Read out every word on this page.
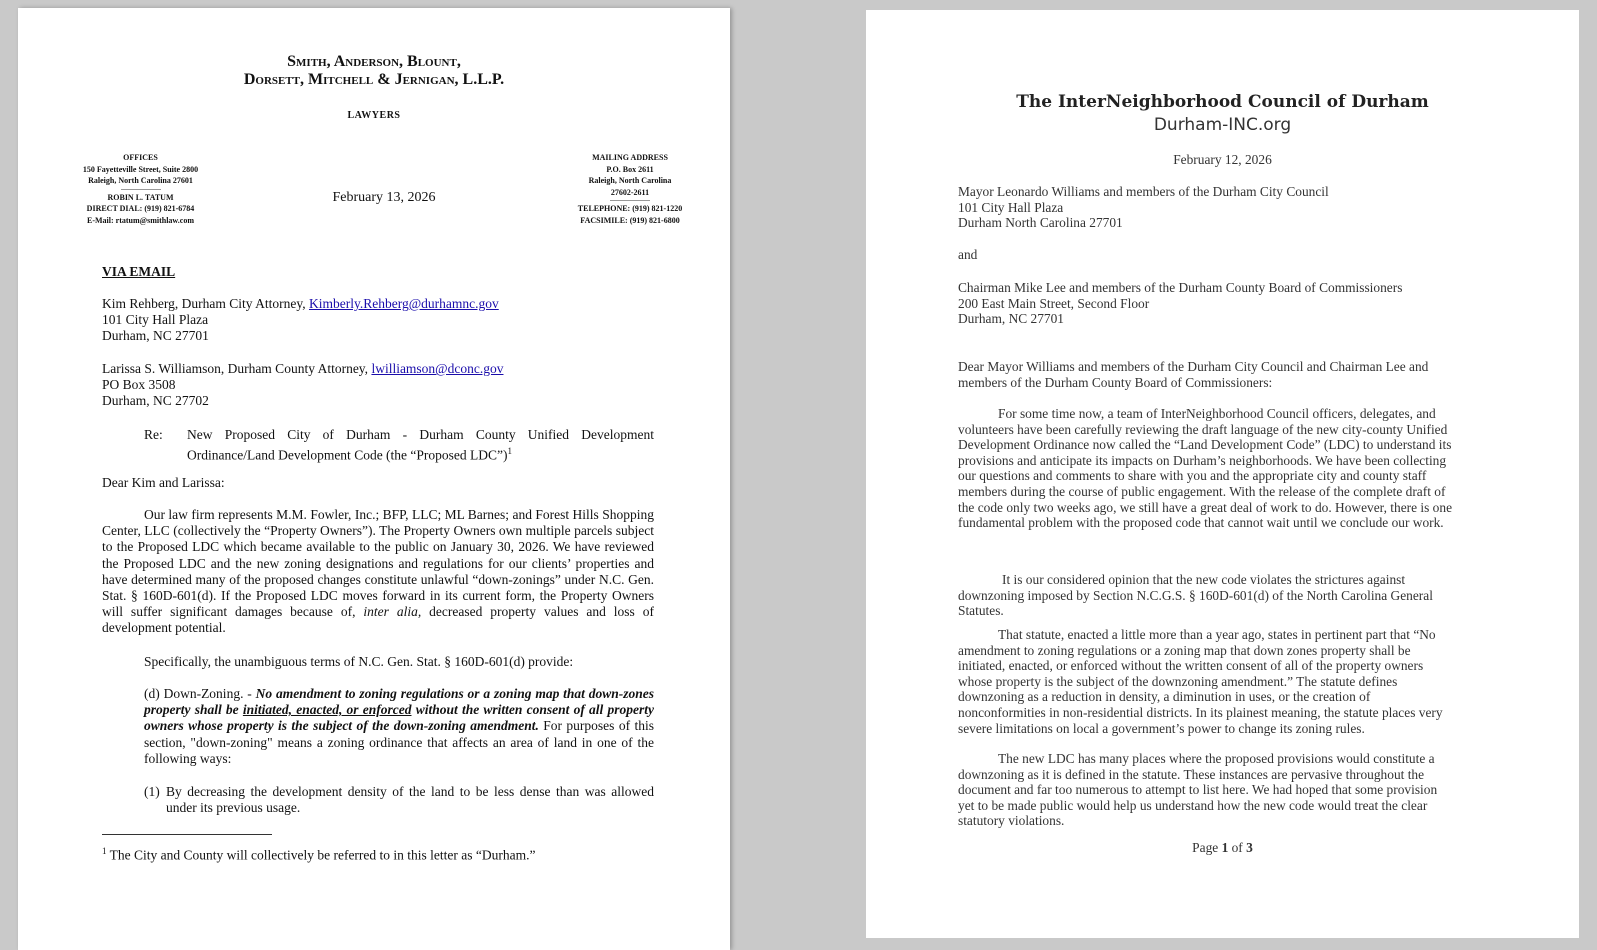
Smith, Anderson, Blount,
Dorsett, Mitchell & Jernigan, L.L.P.
LAWYERS
OFFICES
150 Fayetteville Street, Suite 2800
Raleigh, North Carolina 27601
ROBIN L. TATUM
DIRECT DIAL: (919) 821-6784
E-Mail: rtatum@smithlaw.com
February 13, 2026
MAILING ADDRESS
P.O. Box 2611
Raleigh, North Carolina
27602-2611
TELEPHONE: (919) 821-1220
FACSIMILE: (919) 821-6800
VIA EMAIL
Kim Rehberg, Durham City Attorney, Kimberly.Rehberg@durhamnc.gov
101 City Hall Plaza
Durham, NC 27701
Larissa S. Williamson, Durham County Attorney, lwilliamson@dconc.gov
PO Box 3508
Durham, NC 27702
Re: New Proposed City of Durham - Durham County Unified Development Ordinance/Land Development Code (the “Proposed LDC”)$^1$
Dear Kim and Larissa:
Our law firm represents M.M. Fowler, Inc.; BFP, LLC; ML Barnes; and Forest Hills Shopping Center, LLC (collectively the “Property Owners”). The Property Owners own multiple parcels subject to the Proposed LDC which became available to the public on January 30, 2026. We have reviewed the Proposed LDC and the new zoning designations and regulations for our clients’ properties and have determined many of the proposed changes constitute unlawful “down-zonings” under N.C. Gen. Stat. § 160D-601(d). If the Proposed LDC moves forward in its current form, the Property Owners will suffer significant damages because of, inter alia, decreased property values and loss of development potential.
Specifically, the unambiguous terms of N.C. Gen. Stat. § 160D-601(d) provide:
(d) Down-Zoning. - No amendment to zoning regulations or a zoning map that down-zones property shall be initiated, enacted, or enforced without the written consent of all property owners whose property is the subject of the down-zoning amendment. For purposes of this section, "down-zoning" means a zoning ordinance that affects an area of land in one of the following ways:
(1) By decreasing the development density of the land to be less dense than was allowed under its previous usage.
$^1$ The City and County will collectively be referred to in this letter as “Durham.”
The InterNeighborhood Council of Durham
Durham-INC.org
February 12, 2026
Mayor Leonardo Williams and members of the Durham City Council
101 City Hall Plaza
Durham North Carolina 27701
and
Chairman Mike Lee and members of the Durham County Board of Commissioners
200 East Main Street, Second Floor
Durham, NC 27701
Dear Mayor Williams and members of the Durham City Council and Chairman Lee and members of the Durham County Board of Commissioners:
For some time now, a team of InterNeighborhood Council officers, delegates, and volunteers have been carefully reviewing the draft language of the new city-county Unified Development Ordinance now called the “Land Development Code” (LDC) to understand its provisions and anticipate its impacts on Durham’s neighborhoods. We have been collecting our questions and comments to share with you and the appropriate city and county staff members during the course of public engagement. With the release of the complete draft of the code only two weeks ago, we still have a great deal of work to do. However, there is one fundamental problem with the proposed code that cannot wait until we conclude our work.
It is our considered opinion that the new code violates the strictures against downzoning imposed by Section N.C.G.S. § 160D-601(d) of the North Carolina General Statutes.
That statute, enacted a little more than a year ago, states in pertinent part that “No amendment to zoning regulations or a zoning map that down zones property shall be initiated, enacted, or enforced without the written consent of all of the property owners whose property is the subject of the downzoning amendment.” The statute defines downzoning as a reduction in density, a diminution in uses, or the creation of nonconformities in non-residential districts. In its plainest meaning, the statute places very severe limitations on local a government’s power to change its zoning rules.
The new LDC has many places where the proposed provisions would constitute a downzoning as it is defined in the statute. These instances are pervasive throughout the document and far too numerous to attempt to list here. We had hoped that some provision yet to be made public would help us understand how the new code would treat the clear statutory violations.
Page 1 of 3
